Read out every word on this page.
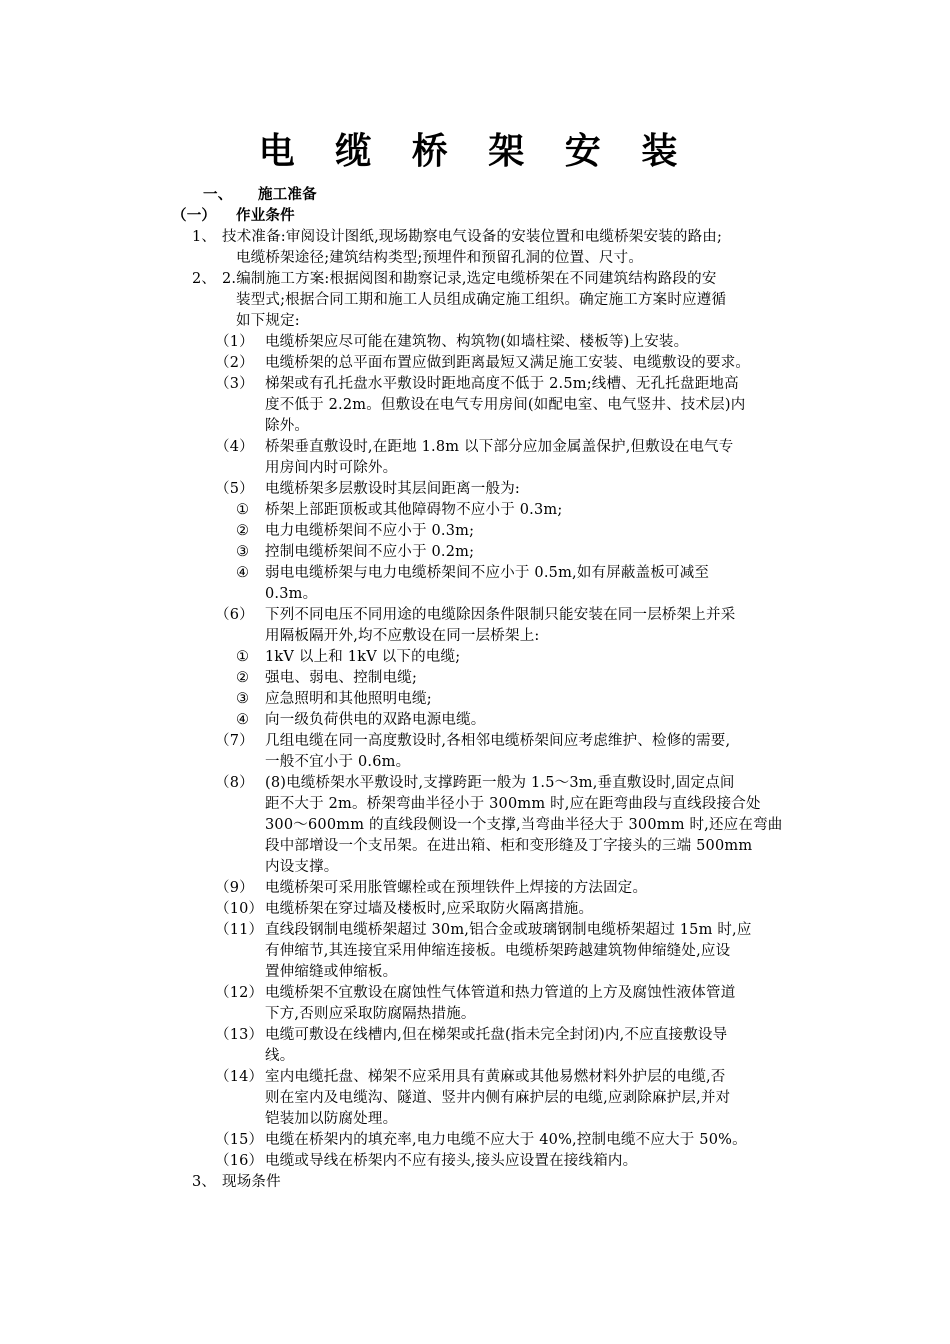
电 缆 桥 架 安 装
一、 施工准备
（一） 作业条件
1、 技术准备:审阅设计图纸,现场勘察电气设备的安装位置和电缆桥架安装的路由;
电缆桥架途径;建筑结构类型;预埋件和预留孔洞的位置、尺寸。
2、 2.编制施工方案:根据阅图和勘察记录,选定电缆桥架在不同建筑结构路段的安
装型式;根据合同工期和施工人员组成确定施工组织。确定施工方案时应遵循
如下规定:
（1） 电缆桥架应尽可能在建筑物、构筑物(如墙柱梁、楼板等)上安装。
（2） 电缆桥架的总平面布置应做到距离最短又满足施工安装、电缆敷设的要求。
（3） 梯架或有孔托盘水平敷设时距地高度不低于 2.5m;线槽、无孔托盘距地高
度不低于 2.2m。但敷设在电气专用房间(如配电室、电气竖井、技术层)内
除外。
（4） 桥架垂直敷设时,在距地 1.8m 以下部分应加金属盖保护,但敷设在电气专
用房间内时可除外。
（5） 电缆桥架多层敷设时其层间距离一般为:
① 桥架上部距顶板或其他障碍物不应小于 0.3m;
② 电力电缆桥架间不应小于 0.3m;
③ 控制电缆桥架间不应小于 0.2m;
④ 弱电电缆桥架与电力电缆桥架间不应小于 0.5m,如有屏蔽盖板可减至
0.3m。
（6） 下列不同电压不同用途的电缆除因条件限制只能安装在同一层桥架上并采
用隔板隔开外,均不应敷设在同一层桥架上:
① 1kV 以上和 1kV 以下的电缆;
② 强电、弱电、控制电缆;
③ 应急照明和其他照明电缆;
④ 向一级负荷供电的双路电源电缆。
（7） 几组电缆在同一高度敷设时,各相邻电缆桥架间应考虑维护、检修的需要,
一般不宜小于 0.6m。
（8） (8)电缆桥架水平敷设时,支撑跨距一般为 1.5～3m,垂直敷设时,固定点间
距不大于 2m。桥架弯曲半径小于 300mm 时,应在距弯曲段与直线段接合处
300～600mm 的直线段侧设一个支撑,当弯曲半径大于 300mm 时,还应在弯曲
段中部增设一个支吊架。在进出箱、柜和变形缝及丁字接头的三端 500mm
内设支撑。
（9） 电缆桥架可采用胀管螺栓或在预埋铁件上焊接的方法固定。
（10） 电缆桥架在穿过墙及楼板时,应采取防火隔离措施。
（11） 直线段钢制电缆桥架超过 30m,铝合金或玻璃钢制电缆桥架超过 15m 时,应
有伸缩节,其连接宜采用伸缩连接板。电缆桥架跨越建筑物伸缩缝处,应设
置伸缩缝或伸缩板。
（12） 电缆桥架不宜敷设在腐蚀性气体管道和热力管道的上方及腐蚀性液体管道
下方,否则应采取防腐隔热措施。
（13） 电缆可敷设在线槽内,但在梯架或托盘(指未完全封闭)内,不应直接敷设导
线。
（14） 室内电缆托盘、梯架不应采用具有黄麻或其他易燃材料外护层的电缆,否
则在室内及电缆沟、隧道、竖井内侧有麻护层的电缆,应剥除麻护层,并对
铠装加以防腐处理。
（15） 电缆在桥架内的填充率,电力电缆不应大于 40%,控制电缆不应大于 50%。
（16） 电缆或导线在桥架内不应有接头,接头应设置在接线箱内。
3、 现场条件
